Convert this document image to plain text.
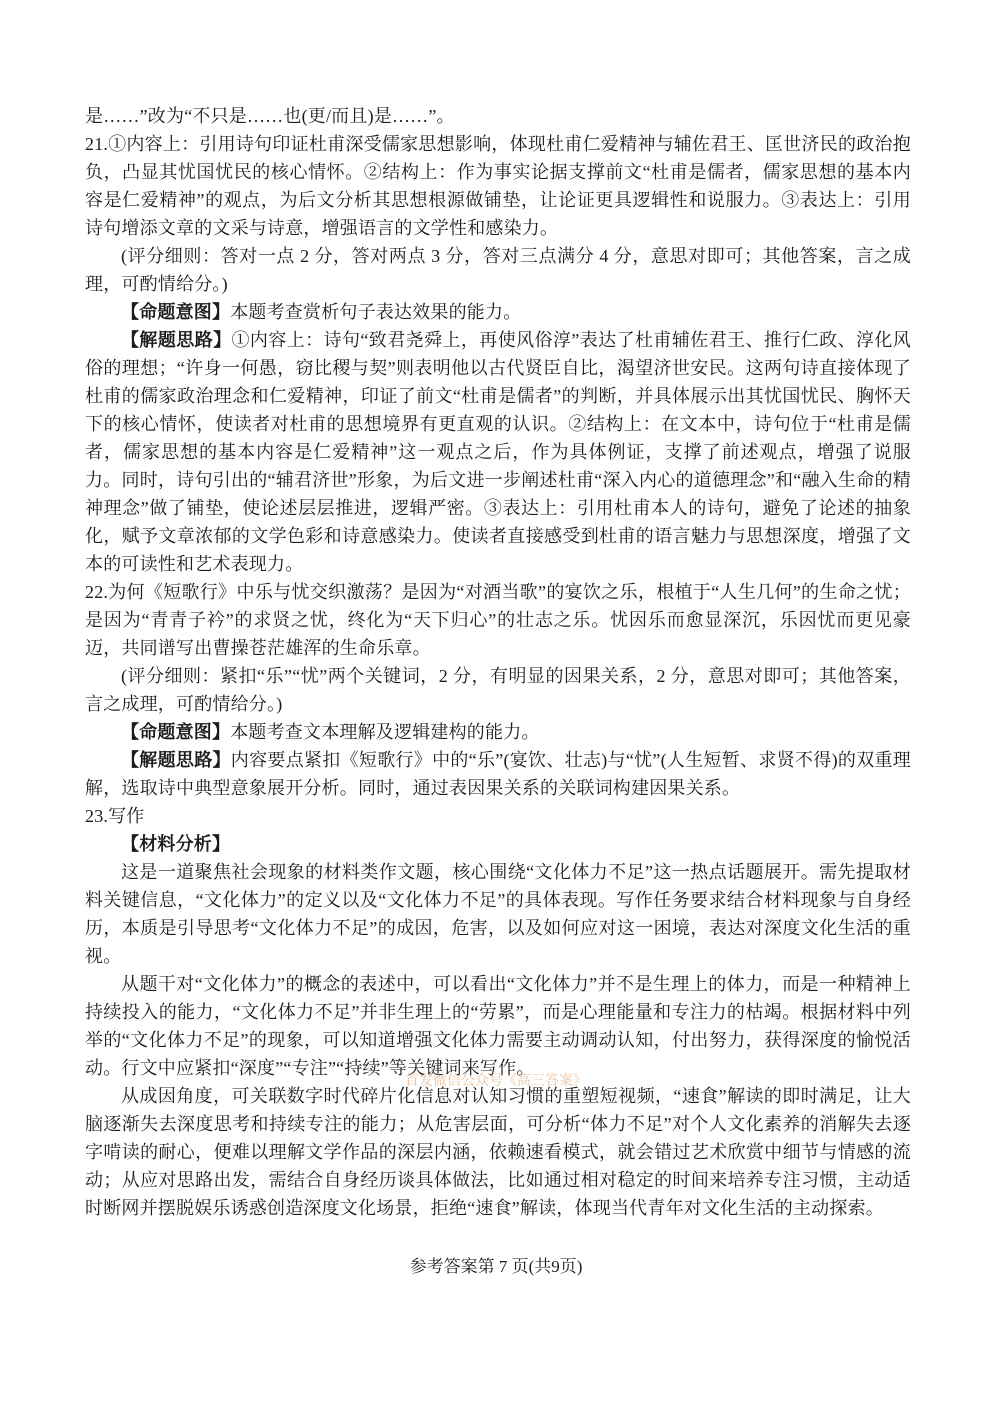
是……”改为“不只是……也(更/而且)是……”。

21.①内容上：引用诗句印证杜甫深受儒家思想影响，体现杜甫仁爱精神与辅佐君王、匡世济民的政治抱负，凸显其忧国忧民的核心情怀。②结构上：作为事实论据支撑前文“杜甫是儒者，儒家思想的基本内容是仁爱精神”的观点，为后文分析其思想根源做铺垫，让论证更具逻辑性和说服力。③表达上：引用诗句增添文章的文采与诗意，增强语言的文学性和感染力。

(评分细则：答对一点 2 分，答对两点 3 分，答对三点满分 4 分，意思对即可；其他答案，言之成理，可酌情给分。)

【命题意图】本题考查赏析句子表达效果的能力。

【解题思路】①内容上：诗句“致君尧舜上，再使风俗淳”表达了杜甫辅佐君王、推行仁政、淳化风俗的理想；“许身一何愚，窃比稷与契”则表明他以古代贤臣自比，渴望济世安民。这两句诗直接体现了杜甫的儒家政治理念和仁爱精神，印证了前文“杜甫是儒者”的判断，并具体展示出其忧国忧民、胸怀天下的核心情怀，使读者对杜甫的思想境界有更直观的认识。②结构上：在文本中，诗句位于“杜甫是儒者，儒家思想的基本内容是仁爱精神”这一观点之后，作为具体例证，支撑了前述观点，增强了说服力。同时，诗句引出的“辅君济世”形象，为后文进一步阐述杜甫“深入内心的道德理念”和“融入生命的精神理念”做了铺垫，使论述层层推进，逻辑严密。③表达上：引用杜甫本人的诗句，避免了论述的抽象化，赋予文章浓郁的文学色彩和诗意感染力。使读者直接感受到杜甫的语言魅力与思想深度，增强了文本的可读性和艺术表现力。

22.为何《短歌行》中乐与忧交织激荡？是因为“对酒当歌”的宴饮之乐，根植于“人生几何”的生命之忧；是因为“青青子衿”的求贤之忧，终化为“天下归心”的壮志之乐。忧因乐而愈显深沉，乐因忧而更见豪迈，共同谱写出曹操苍茫雄浑的生命乐章。

(评分细则：紧扣“乐”“忧”两个关键词，2 分，有明显的因果关系，2 分，意思对即可；其他答案，言之成理，可酌情给分。)

【命题意图】本题考查文本理解及逻辑建构的能力。

【解题思路】内容要点紧扣《短歌行》中的“乐”(宴饮、壮志)与“忧”(人生短暂、求贤不得)的双重理解，选取诗中典型意象展开分析。同时，通过表因果关系的关联词构建因果关系。

23.写作

【材料分析】

这是一道聚焦社会现象的材料类作文题，核心围绕“文化体力不足”这一热点话题展开。需先提取材料关键信息，“文化体力”的定义以及“文化体力不足”的具体表现。写作任务要求结合材料现象与自身经历，本质是引导思考“文化体力不足”的成因，危害，以及如何应对这一困境，表达对深度文化生活的重视。

从题干对“文化体力”的概念的表述中，可以看出“文化体力”并不是生理上的体力，而是一种精神上持续投入的能力，“文化体力不足”并非生理上的“劳累”，而是心理能量和专注力的枯竭。根据材料中列举的“文化体力不足”的现象，可以知道增强文化体力需要主动调动认知，付出努力，获得深度的愉悦活动。行文中应紧扣“深度”“专注”“持续”等关键词来写作。

从成因角度，可关联数字时代碎片化信息对认知习惯的重塑短视频，“速食”解读的即时满足，让大脑逐渐失去深度思考和持续专注的能力；从危害层面，可分析“体力不足”对个人文化素养的消解失去逐字啃读的耐心，便难以理解文学作品的深层内涵，依赖速看模式，就会错过艺术欣赏中细节与情感的流动；从应对思路出发，需结合自身经历谈具体做法，比如通过相对稳定的时间来培养专注习惯，主动适时断网并摆脱娱乐诱惑创造深度文化场景，拒绝“速食”解读，体现当代青年对文化生活的主动探索。

首发微信公众号《高三答案》
参考答案第 7 页(共9页)
